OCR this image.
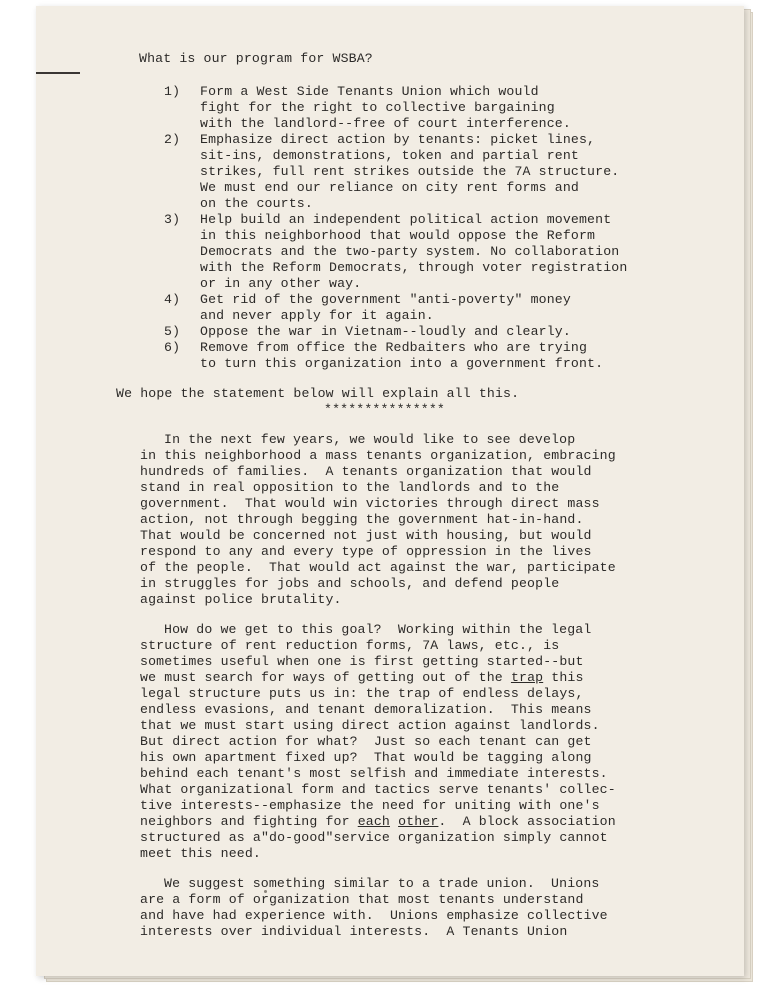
What is our program for WSBA?
1) Form a West Side Tenants Union which would
fight for the right to collective bargaining
with the landlord--free of court interference.
2) Emphasize direct action by tenants: picket lines,
sit-ins, demonstrations, token and partial rent
strikes, full rent strikes outside the 7A structure.
We must end our reliance on city rent forms and
on the courts.
3) Help build an independent political action movement
in this neighborhood that would oppose the Reform
Democrats and the two-party system. No collaboration
with the Reform Democrats, through voter registration
or in any other way.
4) Get rid of the government "anti-poverty" money
and never apply for it again.
5) Oppose the war in Vietnam--loudly and clearly.
6) Remove from office the Redbaiters who are trying
to turn this organization into a government front.
We hope the statement below will explain all this.
***************
In the next few years, we would like to see develop
in this neighborhood a mass tenants organization, embracing
hundreds of families.  A tenants organization that would
stand in real opposition to the landlords and to the
government.  That would win victories through direct mass
action, not through begging the government hat-in-hand.
That would be concerned not just with housing, but would
respond to any and every type of oppression in the lives
of the people.  That would act against the war, participate
in struggles for jobs and schools, and defend people
against police brutality.
How do we get to this goal?  Working within the legal
structure of rent reduction forms, 7A laws, etc., is
sometimes useful when one is first getting started--but
we must search for ways of getting out of the trap this
legal structure puts us in: the trap of endless delays,
endless evasions, and tenant demoralization.  This means
that we must start using direct action against landlords.
But direct action for what?  Just so each tenant can get
his own apartment fixed up?  That would be tagging along
behind each tenant's most selfish and immediate interests.
What organizational form and tactics serve tenants' collec-
tive interests--emphasize the need for uniting with one's
neighbors and fighting for each other.  A block association
structured as a"do-good"service organization simply cannot
meet this need.
We suggest something similar to a trade union.  Unions
are a form of organization that most tenants understand
and have had experience with.  Unions emphasize collective
interests over individual interests.  A Tenants Union
